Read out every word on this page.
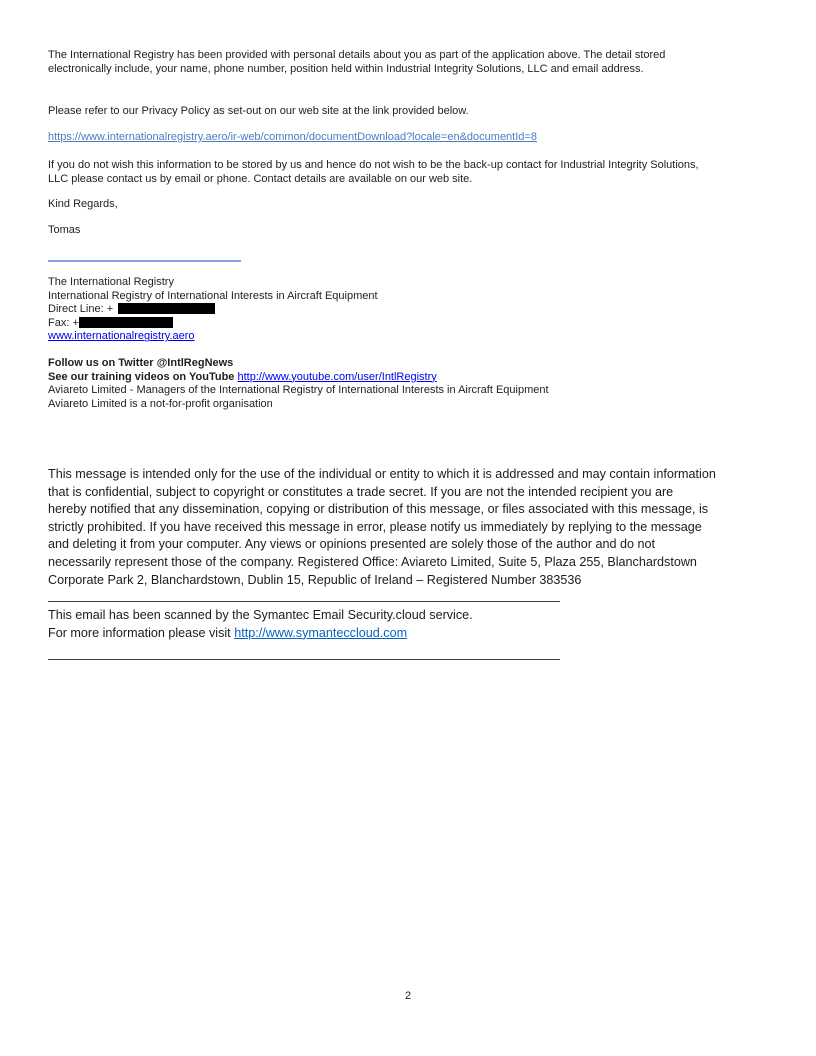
The International Registry has been provided with personal details about you as part of the application above. The detail stored
electronically include, your name, phone number, position held within Industrial Integrity Solutions, LLC and email address.
Please refer to our Privacy Policy as set-out on our web site at the link provided below.
https://www.internationalregistry.aero/ir-web/common/documentDownload?locale=en&documentId=8
If you do not wish this information to be stored by us and hence do not wish to be the back-up contact for Industrial Integrity Solutions,
LLC please contact us by email or phone. Contact details are available on our web site.
Kind Regards,
Tomas
The International Registry
International Registry of International Interests in Aircraft Equipment
Direct Line: +
Fax: +
www.internationalregistry.aero
Follow us on Twitter @IntlRegNews
See our training videos on YouTube http://www.youtube.com/user/IntlRegistry
Aviareto Limited - Managers of the International Registry of International Interests in Aircraft Equipment
Aviareto Limited is a not-for-profit organisation
This message is intended only for the use of the individual or entity to which it is addressed and may contain information
that is confidential, subject to copyright or constitutes a trade secret. If you are not the intended recipient you are
hereby notified that any dissemination, copying or distribution of this message, or files associated with this message, is
strictly prohibited. If you have received this message in error, please notify us immediately by replying to the message
and deleting it from your computer. Any views or opinions presented are solely those of the author and do not
necessarily represent those of the company. Registered Office: Aviareto Limited, Suite 5, Plaza 255, Blanchardstown
Corporate Park 2, Blanchardstown, Dublin 15, Republic of Ireland – Registered Number 383536
This email has been scanned by the Symantec Email Security.cloud service.
For more information please visit http://www.symanteccloud.com
2
